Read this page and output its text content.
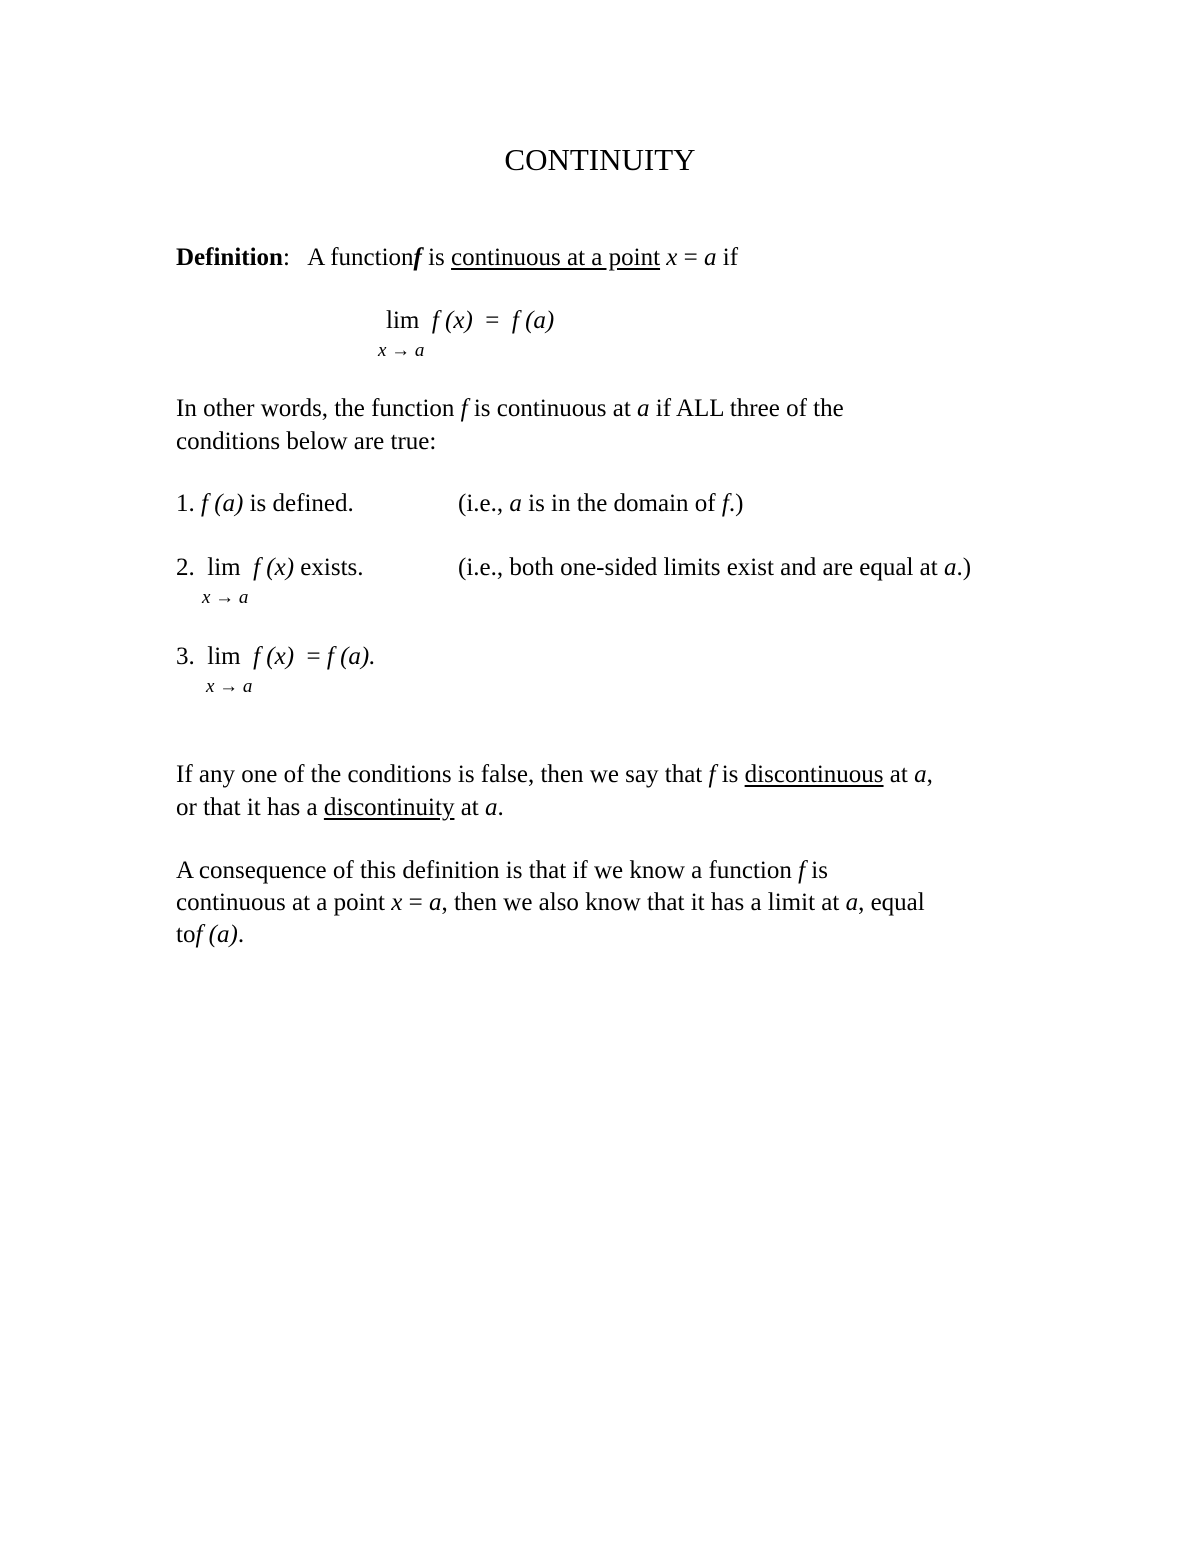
CONTINUITY
Definition: A functionf is continuous at a point x = a if
lim f (x) = f (a)
x → a
In other words, the function f is continuous at a if ALL three of the
conditions below are true:
1. f (a) is defined.	(i.e., a is in the domain of f.)
2. lim f (x) exists.
x → a
(i.e., both one-sided limits exist and are equal at a.)
3. lim f (x) = f (a).
x → a
If any one of the conditions is false, then we say that f is discontinuous at a,
or that it has a discontinuity at a.
A consequence of this definition is that if we know a function f is
continuous at a point x = a, then we also know that it has a limit at a, equal
tof (a).
